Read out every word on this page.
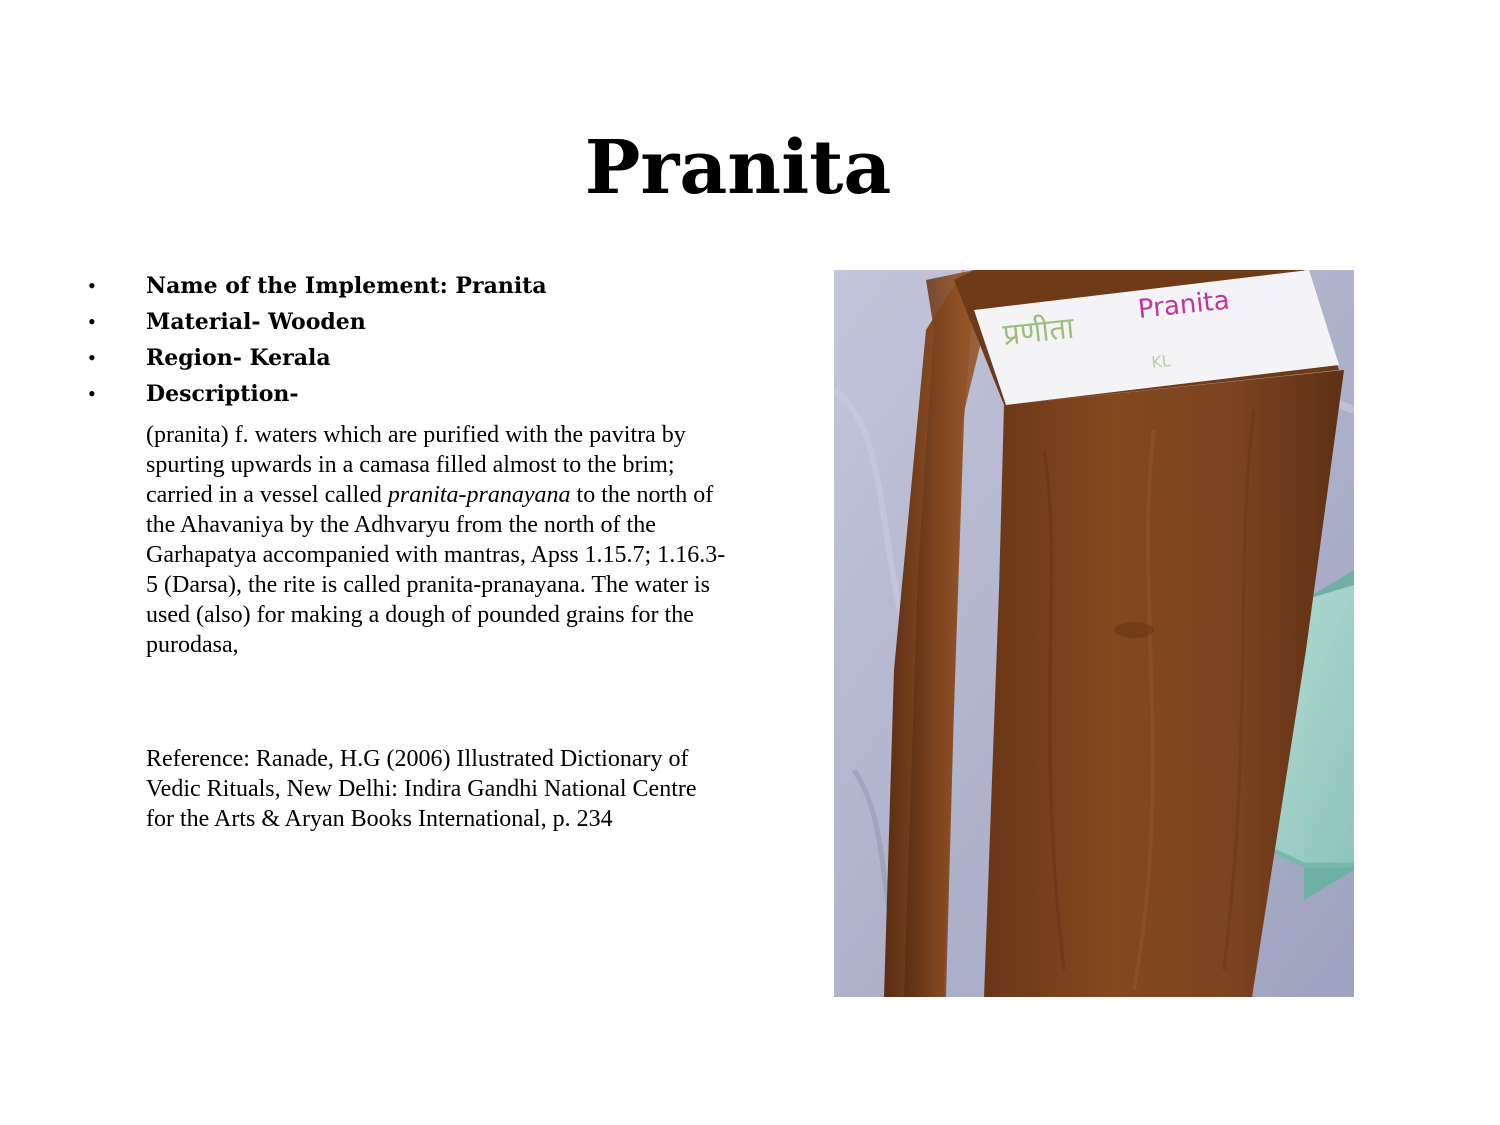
Pranita
• Name of the Implement: Pranita
• Material- Wooden
• Region- Kerala
• Description-

(pranita) f. waters which are purified with the pavitra by spurting upwards in a camasa filled almost to the brim; carried in a vessel called pranita-pranayana to the north of the Ahavaniya by the Adhvaryu from the north of the Garhapatya accompanied with mantras, Apss 1.15.7; 1.16.3-5 (Darsa), the rite is called pranita-pranayana. The water is used (also) for making a dough of pounded grains for the purodasa,

Reference: Ranade, H.G (2006) Illustrated Dictionary of Vedic Rituals, New Delhi: Indira Gandhi National Centre for the Arts & Aryan Books International, p. 234

प्रणीता
Pranita
KL
